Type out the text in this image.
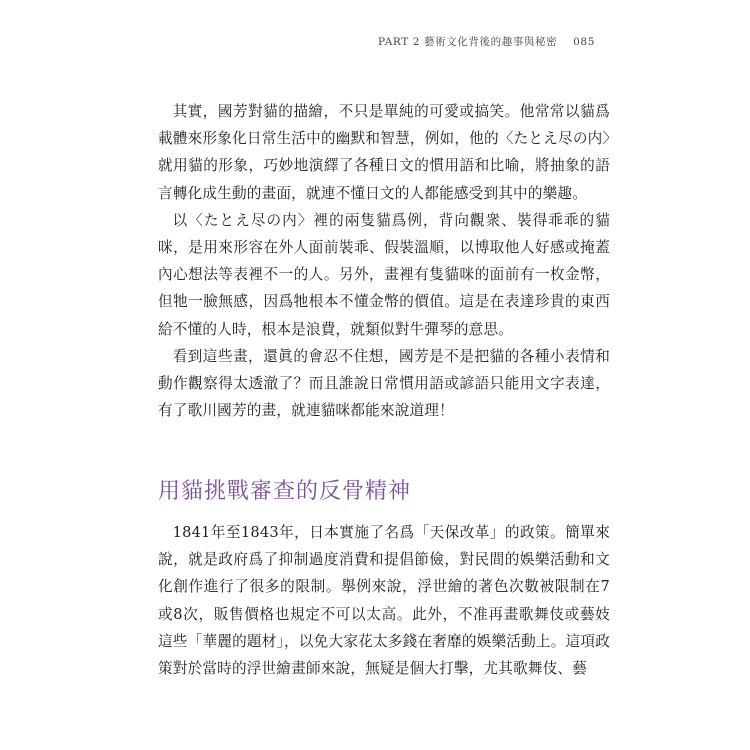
PART 2 藝術文化背後的趣事與秘密 085

其實，國芳對貓的描繪，不只是單純的可愛或搞笑。他常常以貓爲載體來形象化日常生活中的幽默和智慧，例如，他的〈たとえ尽の内〉就用貓的形象，巧妙地演繹了各種日文的慣用語和比喻，將抽象的語言轉化成生動的畫面，就連不懂日文的人都能感受到其中的樂趣。

以〈たとえ尽の内〉裡的兩隻貓爲例，背向觀衆、裝得乖乖的貓咪，是用來形容在外人面前裝乖、假裝溫順，以博取他人好感或掩蓋內心想法等表裡不一的人。另外，畫裡有隻貓咪的面前有一枚金幣，但牠一臉無感，因爲牠根本不懂金幣的價值。這是在表達珍貴的東西給不懂的人時，根本是浪費，就類似對牛彈琴的意思。

看到這些畫，還眞的會忍不住想，國芳是不是把貓的各種小表情和動作觀察得太透澈了？而且誰說日常慣用語或諺語只能用文字表達，有了歌川國芳的畫，就連貓咪都能來說道理！

用貓挑戰審查的反骨精神

1841年至1843年，日本實施了名爲「天保改革」的政策。簡單來說，就是政府爲了抑制過度消費和提倡節儉，對民間的娛樂活動和文化創作進行了很多的限制。舉例來說，浮世繪的著色次數被限制在7或8次，販售價格也規定不可以太高。此外，不准再畫歌舞伎或藝妓這些「華麗的題材」，以免大家花太多錢在奢靡的娛樂活動上。這項政策對於當時的浮世繪畫師來說，無疑是個大打擊，尤其歌舞伎、藝
